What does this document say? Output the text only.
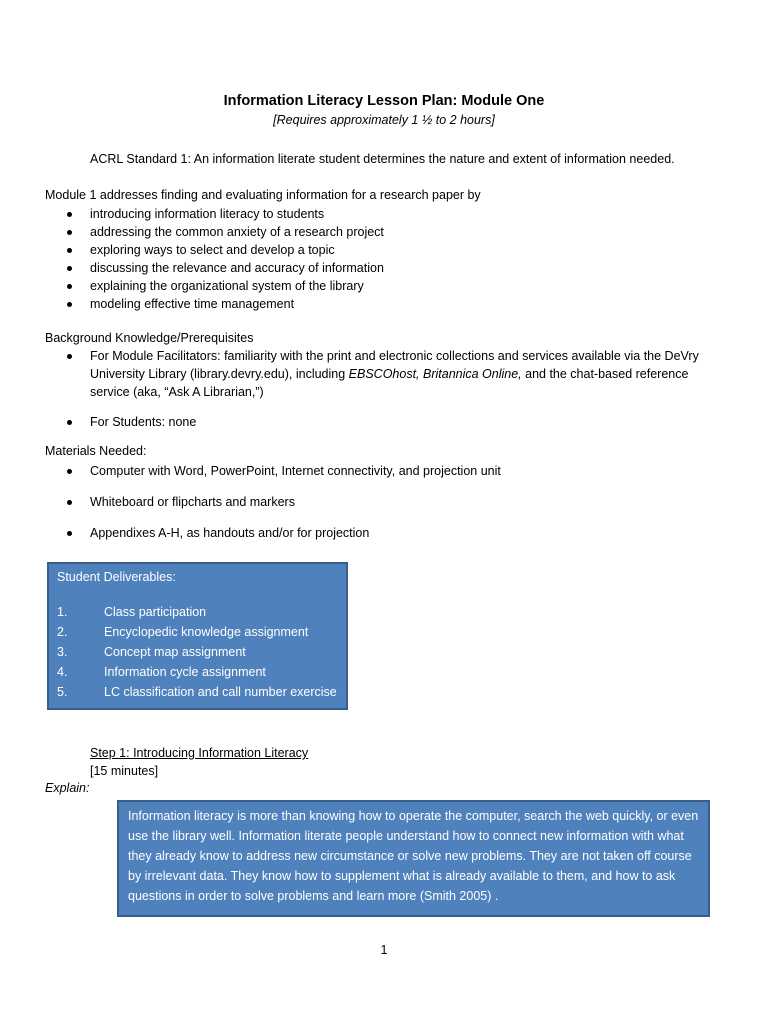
Information Literacy Lesson Plan: Module One
[Requires approximately 1 ½ to 2 hours]
ACRL Standard 1: An information literate student determines the nature and extent of information needed.
Module 1 addresses finding and evaluating information for a research paper by
introducing information literacy to students
addressing the common anxiety of a research project
exploring ways to select and develop a topic
discussing the relevance and accuracy of information
explaining the organizational system of the library
modeling effective time management
Background Knowledge/Prerequisites
For Module Facilitators: familiarity with the print and electronic collections and services available via the DeVry University Library (library.devry.edu), including EBSCOhost, Britannica Online, and the chat-based reference service (aka, “Ask A Librarian,”)
For Students: none
Materials Needed:
Computer with Word, PowerPoint, Internet connectivity, and projection unit
Whiteboard or flipcharts and markers
Appendixes A-H, as handouts and/or for projection
Student Deliverables:
1.	Class participation
2.	Encyclopedic knowledge assignment
3.	Concept map assignment
4.	Information cycle assignment
5.	LC classification and call number exercise
Step 1: Introducing Information Literacy
[15 minutes]
Explain:
Information literacy is more than knowing how to operate the computer, search the web quickly, or even use the library well. Information literate people understand how to connect new information with what they already know to address new circumstance or solve new problems. They are not taken off course by irrelevant data. They know how to supplement what is already available to them, and how to ask questions in order to solve problems and learn more (Smith 2005) .
1
